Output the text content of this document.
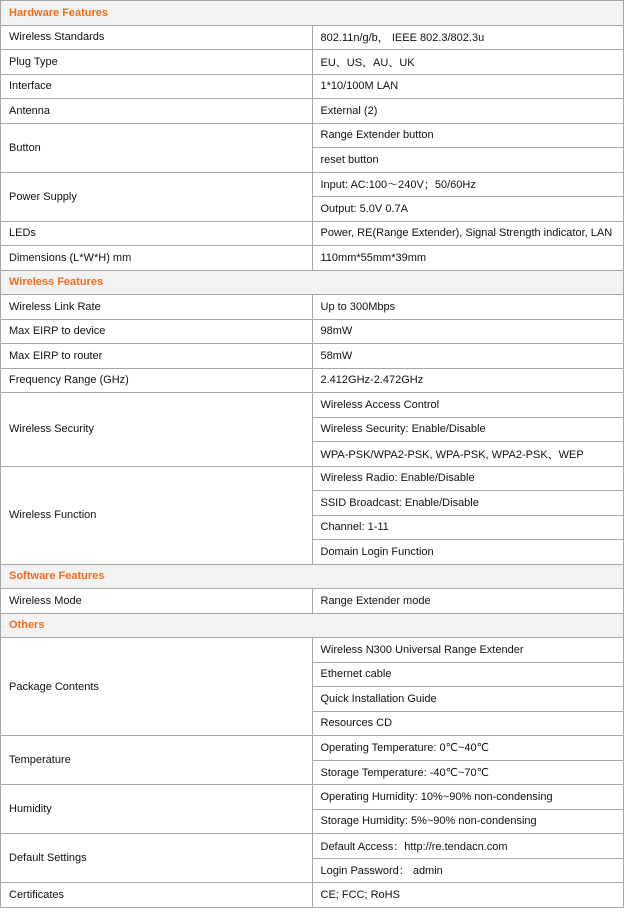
Hardware Features	
Wireless Standards	802.11n/g/b， IEEE 802.3/802.3u
Plug Type	EU、US、AU、UK
Interface	1*10/100M LAN
Antenna	External (2)
Button	Range Extender button
	reset button
Power Supply	Input: AC:100～240V；50/60Hz
	Output: 5.0V 0.7A
LEDs	Power, RE(Range Extender), Signal Strength indicator, LAN
Dimensions (L*W*H) mm	110mm*55mm*39mm
Wireless Features	
Wireless Link Rate	Up to 300Mbps
Max EIRP to device	98mW
Max EIRP to router	58mW
Frequency Range (GHz)	2.412GHz-2.472GHz
Wireless Security	Wireless Access Control
	Wireless Security: Enable/Disable
	WPA-PSK/WPA2-PSK, WPA-PSK, WPA2-PSK、WEP
Wireless Function	Wireless Radio: Enable/Disable
	SSID Broadcast: Enable/Disable
	Channel: 1-11
	Domain Login Function
Software Features	
Wireless Mode	Range Extender mode
Others	
Package Contents	Wireless N300 Universal Range Extender
	Ethernet cable
	Quick Installation Guide
	Resources CD
Temperature	Operating Temperature: 0℃~40℃
	Storage Temperature: -40℃~70℃
Humidity	Operating Humidity: 10%~90% non-condensing
	Storage Humidity: 5%~90% non-condensing
Default Settings	Default Access：http://re.tendacn.com
	Login Password： admin
Certificates	CE; FCC; RoHS
